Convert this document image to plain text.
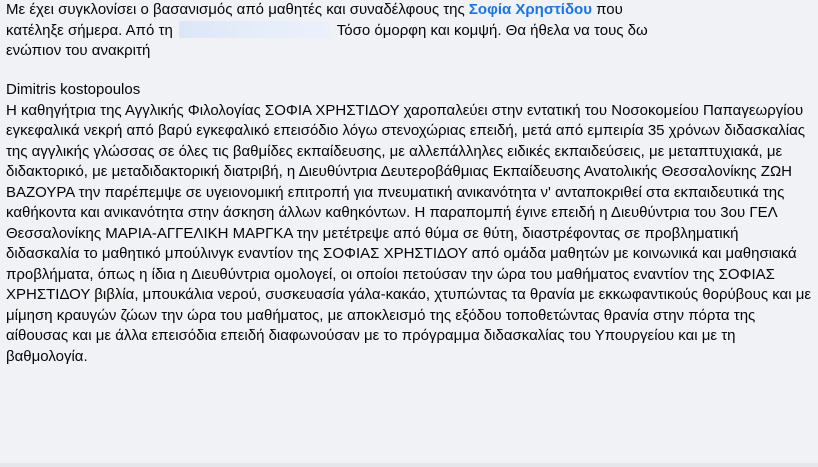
Με έχει συγκλονίσει ο βασανισμός από μαθητές και συναδέλφους της Σοφία Χρηστίδου που
κατέληξε σήμερα. Από τη	Τόσο όμορφη και κομψή. Θα ήθελα να τους δω
ενώπιον του ανακριτή
Dimitris kostopoulos
Η καθηγήτρια της Αγγλικής Φιλολογίας ΣΟΦΙΑ ΧΡΗΣΤΙΔΟΥ χαροπαλεύει στην εντατική του Νοσοκομείου Παπαγεωργίου εγκεφαλικά νεκρή από βαρύ εγκεφαλικό επεισόδιο λόγω στενοχώριας επειδή, μετά από εμπειρία 35 χρόνων διδασκαλίας της αγγλικής γλώσσας σε όλες τις βαθμίδες εκπαίδευσης, με αλλεπάλληλες ειδικές εκπαιδεύσεις, με μεταπτυχιακά, με διδακτορικό, με μεταδιδακτορική διατριβή, η Διευθύντρια Δευτεροβάθμιας Εκπαίδευσης Ανατολικής Θεσσαλονίκης ΖΩΗ ΒΑΖΟΥΡΑ την παρέπεμψε σε υγειονομική επιτροπή για πνευματική ανικανότητα ν' ανταποκριθεί στα εκπαιδευτικά της καθήκοντα και ανικανότητα στην άσκηση άλλων καθηκόντων. Η παραπομπή έγινε επειδή η Διευθύντρια του 3ου ΓΕΛ Θεσσαλονίκης ΜΑΡΙΑ-ΑΓΓΕΛΙΚΗ ΜΑΡΓΚΑ την μετέτρεψε από θύμα σε θύτη, διαστρέφοντας σε προβληματική διδασκαλία το μαθητικό μπούλινγκ εναντίον της ΣΟΦΙΑΣ ΧΡΗΣΤΙΔΟΥ από ομάδα μαθητών με κοινωνικά και μαθησιακά προβλήματα, όπως η ίδια η Διευθύντρια ομολογεί, οι οποίοι πετούσαν την ώρα του μαθήματος εναντίον της ΣΟΦΙΑΣ ΧΡΗΣΤΙΔΟΥ βιβλία, μπουκάλια νερού, συσκευασία γάλα-κακάο, χτυπώντας τα θρανία με εκκωφαντικούς θορύβους και με μίμηση κραυγών ζώων την ώρα του μαθήματος, με αποκλεισμό της εξόδου τοποθετώντας θρανία στην πόρτα της αίθουσας και με άλλα επεισόδια επειδή διαφωνούσαν με το πρόγραμμα διδασκαλίας του Υπουργείου και με τη βαθμολογία.
